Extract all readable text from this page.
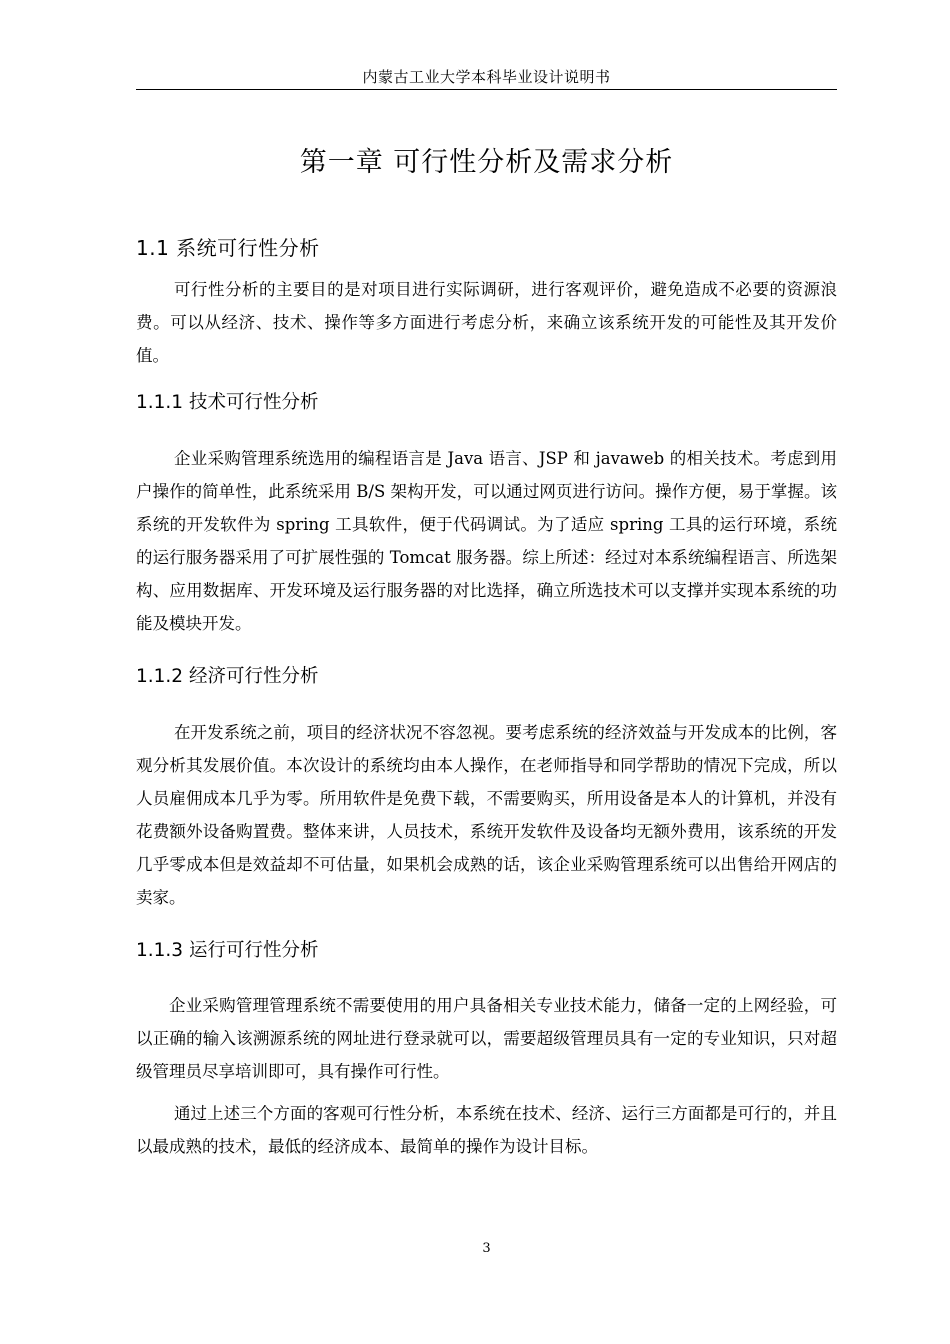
内蒙古工业大学本科毕业设计说明书
第一章 可行性分析及需求分析
1.1 系统可行性分析
可行性分析的主要目的是对项目进行实际调研，进行客观评价，避免造成不必要的资源浪费。可以从经济、技术、操作等多方面进行考虑分析，来确立该系统开发的可能性及其开发价值。
1.1.1 技术可行性分析
企业采购管理系统选用的编程语言是 Java 语言、JSP 和 javaweb 的相关技术。考虑到用户操作的简单性，此系统采用 B/S 架构开发，可以通过网页进行访问。操作方便，易于掌握。该系统的开发软件为 spring 工具软件，便于代码调试。为了适应 spring 工具的运行环境，系统的运行服务器采用了可扩展性强的 Tomcat 服务器。综上所述：经过对本系统编程语言、所选架构、应用数据库、开发环境及运行服务器的对比选择，确立所选技术可以支撑并实现本系统的功能及模块开发。
1.1.2 经济可行性分析
在开发系统之前，项目的经济状况不容忽视。要考虑系统的经济效益与开发成本的比例，客观分析其发展价值。本次设计的系统均由本人操作，在老师指导和同学帮助的情况下完成，所以人员雇佣成本几乎为零。所用软件是免费下载，不需要购买，所用设备是本人的计算机，并没有花费额外设备购置费。整体来讲，人员技术，系统开发软件及设备均无额外费用，该系统的开发几乎零成本但是效益却不可估量，如果机会成熟的话，该企业采购管理系统可以出售给开网店的卖家。
1.1.3 运行可行性分析
企业采购管理管理系统不需要使用的用户具备相关专业技术能力，储备一定的上网经验，可以正确的输入该溯源系统的网址进行登录就可以，需要超级管理员具有一定的专业知识，只对超级管理员尽享培训即可，具有操作可行性。
通过上述三个方面的客观可行性分析，本系统在技术、经济、运行三方面都是可行的，并且以最成熟的技术，最低的经济成本、最简单的操作为设计目标。
3
